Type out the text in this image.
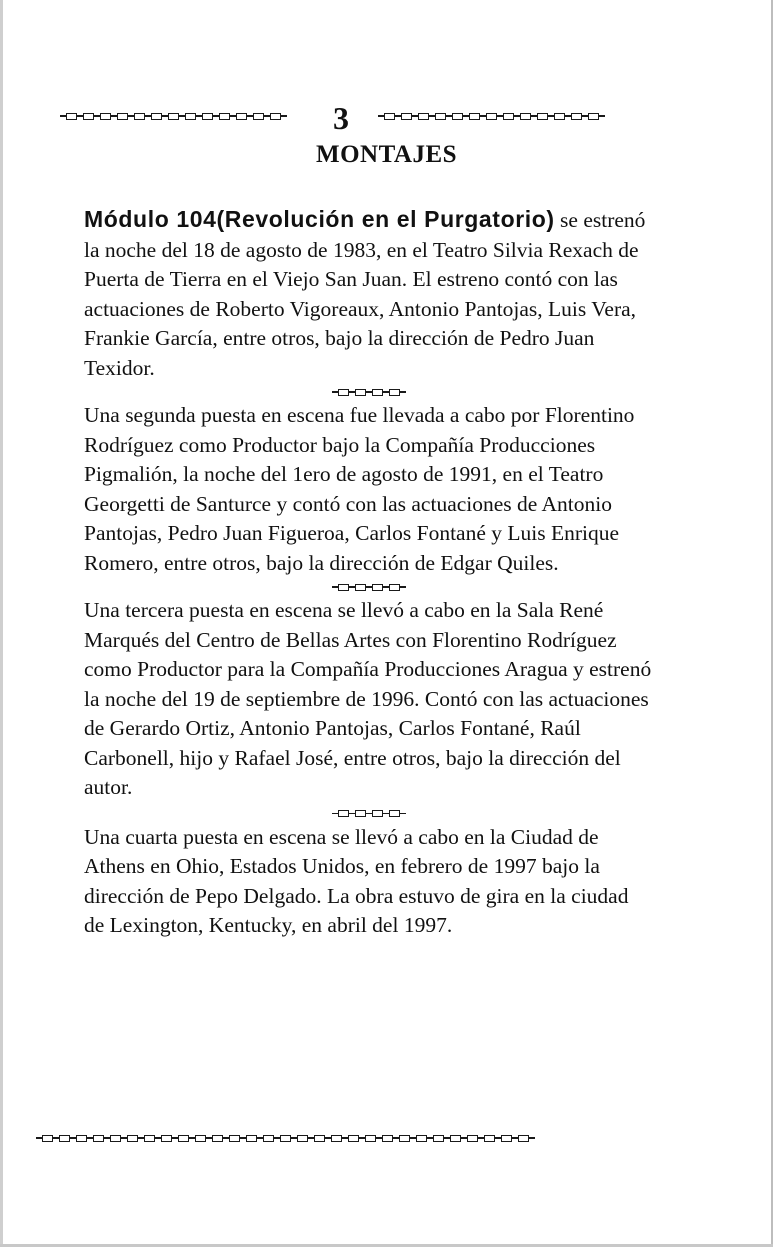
3
MONTAJES

Módulo 104(Revolución en el Purgatorio) se estrenó la noche del 18 de agosto de 1983, en el Teatro Silvia Rexach de Puerta de Tierra en el Viejo San Juan. El estreno contó con las actuaciones de Roberto Vigoreaux, Antonio Pantojas, Luis Vera, Frankie García, entre otros, bajo la dirección de Pedro Juan Texidor.

Una segunda puesta en escena fue llevada a cabo por Florentino Rodríguez como Productor bajo la Compañía Producciones Pigmalión, la noche del 1ero de agosto de 1991, en el Teatro Georgetti de Santurce y contó con las actuaciones de Antonio Pantojas, Pedro Juan Figueroa, Carlos Fontané y Luis Enrique Romero, entre otros, bajo la dirección de Edgar Quiles.

Una tercera puesta en escena se llevó a cabo en la Sala René Marqués del Centro de Bellas Artes con Florentino Rodríguez como Productor para la Compañía Producciones Aragua y estrenó la noche del 19 de septiembre de 1996. Contó con las actuaciones de Gerardo Ortiz, Antonio Pantojas, Carlos Fontané, Raúl Carbonell, hijo y Rafael José, entre otros, bajo la dirección del autor.

Una cuarta puesta en escena se llevó a cabo en la Ciudad de Athens en Ohio, Estados Unidos, en febrero de 1997 bajo la dirección de Pepo Delgado. La obra estuvo de gira en la ciudad de Lexington, Kentucky, en abril del 1997.
